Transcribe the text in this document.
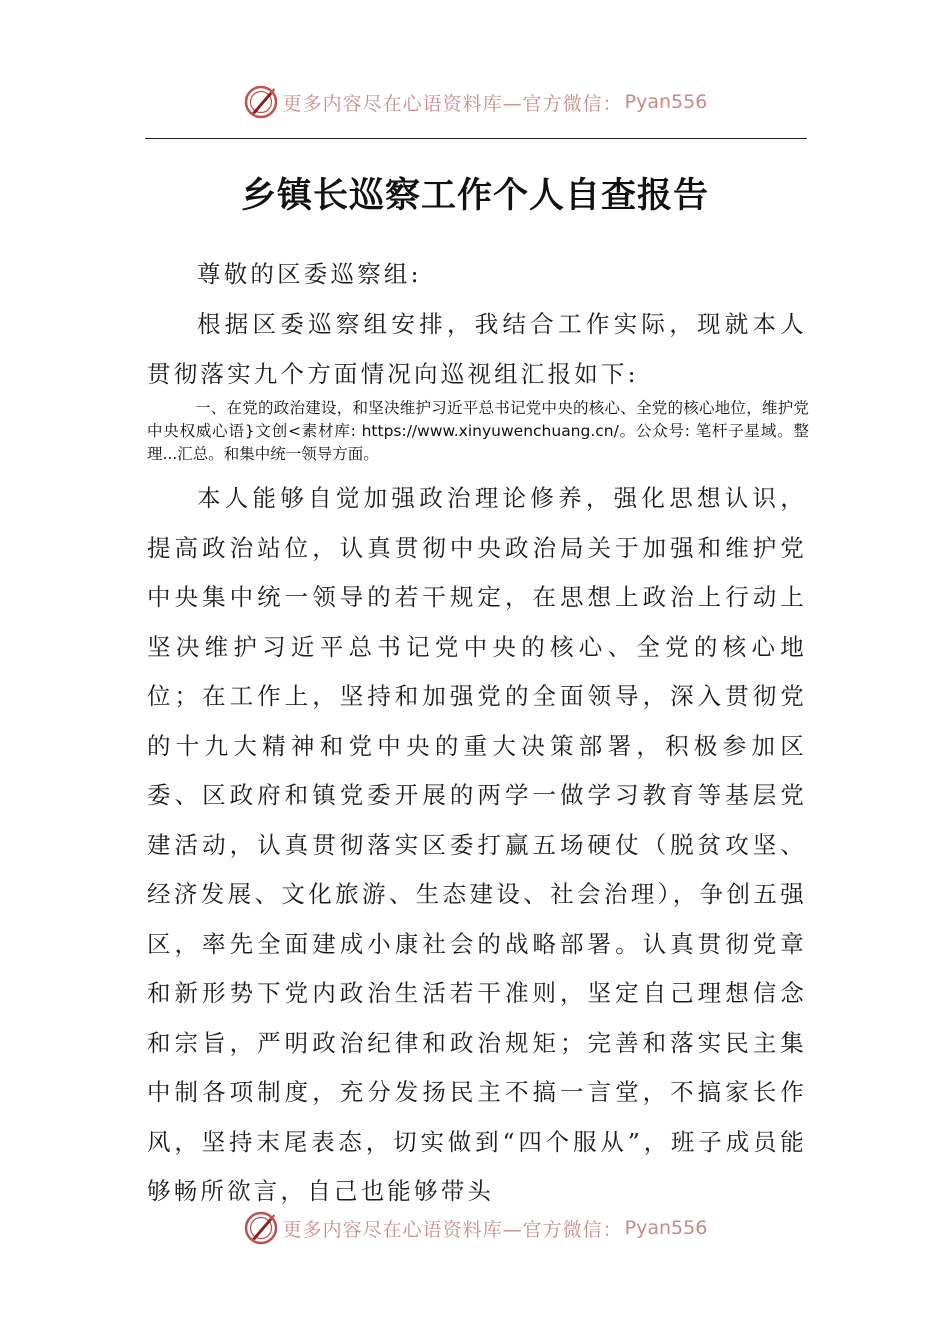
更多内容尽在心语资料库—官方微信： Pyan556
乡镇长巡察工作个人自查报告

尊敬的区委巡察组:

根据区委巡察组安排，我结合工作实际，现就本人贯彻落实九个方面情况向巡视组汇报如下:

一、在党的政治建设，和坚决维护习近平总书记党中央的核心、全党的核心地位，维护党中央权威心语}文创<素材库: https://www.xinyuwenchuang.cn/。公众号: 笔杆子星域。整理...汇总。和集中统一领导方面。

本人能够自觉加强政治理论修养，强化思想认识，提高政治站位，认真贯彻中央政治局关于加强和维护党中央集中统一领导的若干规定，在思想上政治上行动上坚决维护习近平总书记党中央的核心、全党的核心地位；在工作上，坚持和加强党的全面领导，深入贯彻党的十九大精神和党中央的重大决策部署，积极参加区委、区政府和镇党委开展的两学一做学习教育等基层党建活动，认真贯彻落实区委打赢五场硬仗（脱贫攻坚、经济发展、文化旅游、生态建设、社会治理），争创五强区，率先全面建成小康社会的战略部署。认真贯彻党章和新形势下党内政治生活若干准则，坚定自己理想信念和宗旨，严明政治纪律和政治规矩；完善和落实民主集中制各项制度，充分发扬民主不搞一言堂，不搞家长作风，坚持末尾表态，切实做到“四个服从”，班子成员能够畅所欲言，自己也能够带头

更多内容尽在心语资料库—官方微信： Pyan556
